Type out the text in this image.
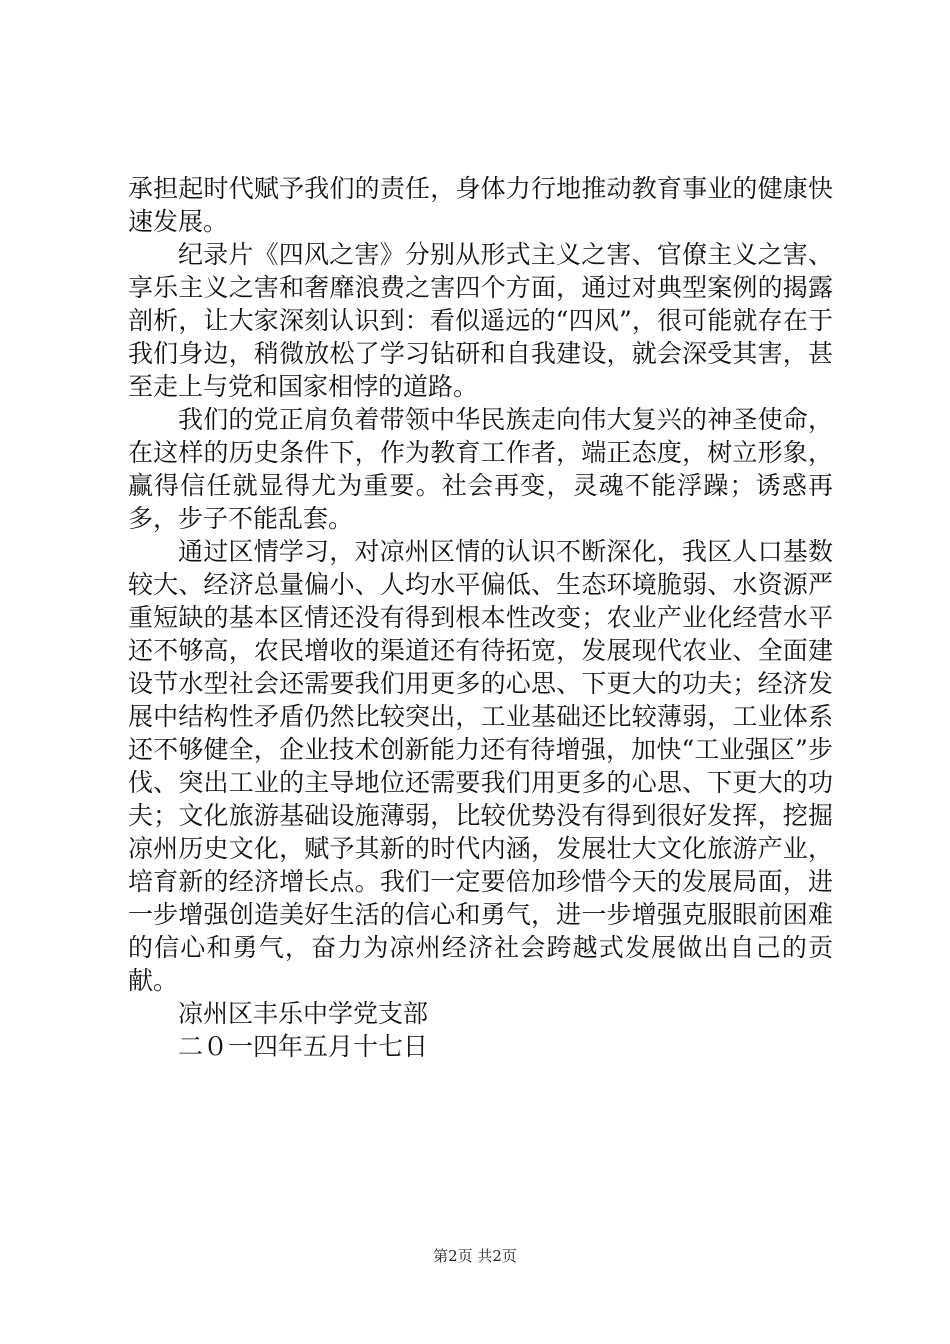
承担起时代赋予我们的责任，身体力行地推动教育事业的健康快速发展。

纪录片《四风之害》分别从形式主义之害、官僚主义之害、享乐主义之害和奢靡浪费之害四个方面，通过对典型案例的揭露剖析，让大家深刻认识到：看似遥远的“四风”，很可能就存在于我们身边，稍微放松了学习钻研和自我建设，就会深受其害，甚至走上与党和国家相悖的道路。

我们的党正肩负着带领中华民族走向伟大复兴的神圣使命，在这样的历史条件下，作为教育工作者，端正态度，树立形象，赢得信任就显得尤为重要。社会再变，灵魂不能浮躁；诱惑再多，步子不能乱套。

通过区情学习，对凉州区情的认识不断深化，我区人口基数较大、经济总量偏小、人均水平偏低、生态环境脆弱、水资源严重短缺的基本区情还没有得到根本性改变；农业产业化经营水平还不够高，农民增收的渠道还有待拓宽，发展现代农业、全面建设节水型社会还需要我们用更多的心思、下更大的功夫；经济发展中结构性矛盾仍然比较突出，工业基础还比较薄弱，工业体系还不够健全，企业技术创新能力还有待增强，加快“工业强区”步伐、突出工业的主导地位还需要我们用更多的心思、下更大的功夫；文化旅游基础设施薄弱，比较优势没有得到很好发挥，挖掘凉州历史文化，赋予其新的时代内涵，发展壮大文化旅游产业，培育新的经济增长点。我们一定要倍加珍惜今天的发展局面，进一步增强创造美好生活的信心和勇气，进一步增强克服眼前困难的信心和勇气，奋力为凉州经济社会跨越式发展做出自己的贡献。

凉州区丰乐中学党支部

二０一四年五月十七日

第2页 共2页
